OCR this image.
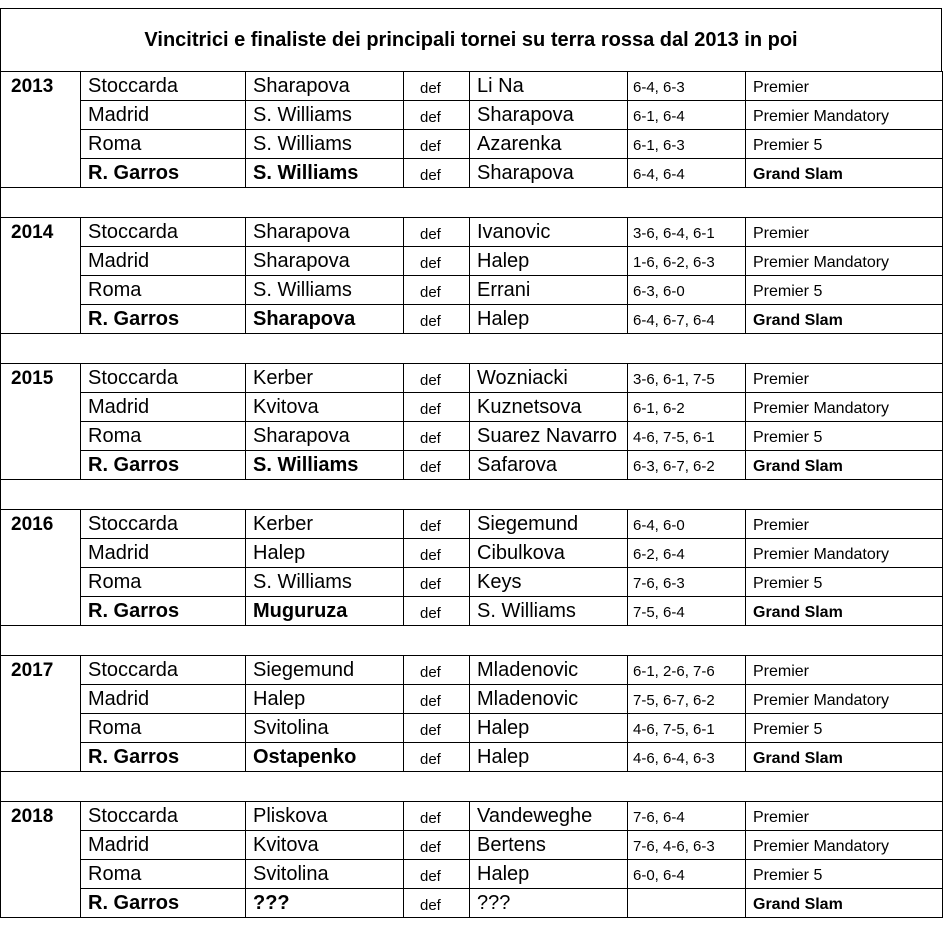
Vincitrici e finaliste dei principali tornei su terra rossa dal 2013 in poi
2013	Stoccarda	Sharapova	def	Li Na	6-4, 6-3	Premier
	Madrid	S. Williams	def	Sharapova	6-1, 6-4	Premier Mandatory
	Roma	S. Williams	def	Azarenka	6-1, 6-3	Premier 5
	R. Garros	S. Williams	def	Sharapova	6-4, 6-4	Grand Slam

2014	Stoccarda	Sharapova	def	Ivanovic	3-6, 6-4, 6-1	Premier
	Madrid	Sharapova	def	Halep	1-6, 6-2, 6-3	Premier Mandatory
	Roma	S. Williams	def	Errani	6-3, 6-0	Premier 5
	R. Garros	Sharapova	def	Halep	6-4, 6-7, 6-4	Grand Slam

2015	Stoccarda	Kerber	def	Wozniacki	3-6, 6-1, 7-5	Premier
	Madrid	Kvitova	def	Kuznetsova	6-1, 6-2	Premier Mandatory
	Roma	Sharapova	def	Suarez Navarro	4-6, 7-5, 6-1	Premier 5
	R. Garros	S. Williams	def	Safarova	6-3, 6-7, 6-2	Grand Slam

2016	Stoccarda	Kerber	def	Siegemund	6-4, 6-0	Premier
	Madrid	Halep	def	Cibulkova	6-2, 6-4	Premier Mandatory
	Roma	S. Williams	def	Keys	7-6, 6-3	Premier 5
	R. Garros	Muguruza	def	S. Williams	7-5, 6-4	Grand Slam

2017	Stoccarda	Siegemund	def	Mladenovic	6-1, 2-6, 7-6	Premier
	Madrid	Halep	def	Mladenovic	7-5, 6-7, 6-2	Premier Mandatory
	Roma	Svitolina	def	Halep	4-6, 7-5, 6-1	Premier 5
	R. Garros	Ostapenko	def	Halep	4-6, 6-4, 6-3	Grand Slam

2018	Stoccarda	Pliskova	def	Vandeweghe	7-6, 6-4	Premier
	Madrid	Kvitova	def	Bertens	7-6, 4-6, 6-3	Premier Mandatory
	Roma	Svitolina	def	Halep	6-0, 6-4	Premier 5
	R. Garros	???	def	???		Grand Slam
